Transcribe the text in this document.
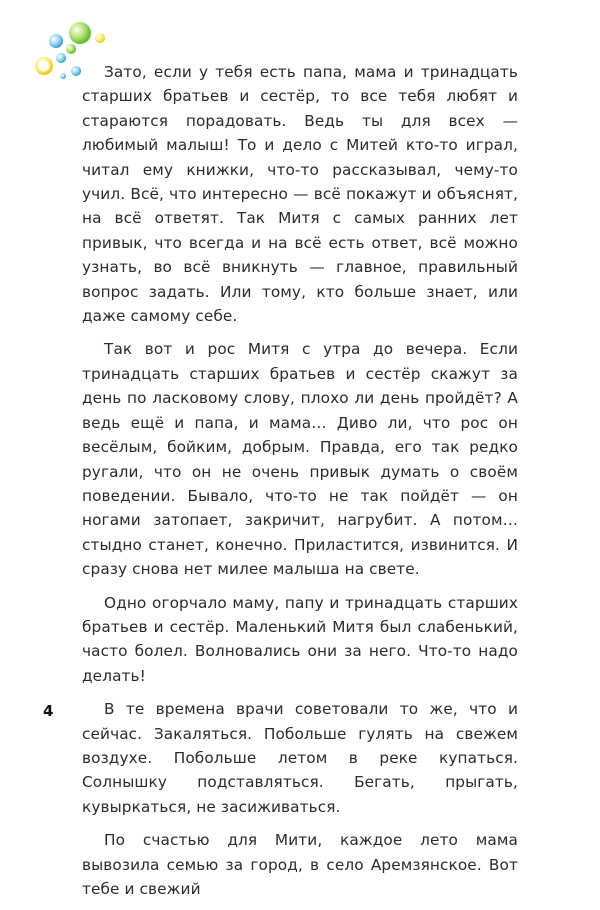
Зато, если у тебя есть папа, мама и тринадцать старших братьев и сестёр, то все тебя любят и стараются порадовать. Ведь ты для всех — любимый малыш! То и дело с Митей кто-то играл, читал ему книжки, что-то рассказывал, чему-то учил. Всё, что интересно — всё покажут и объяснят, на всё ответят. Так Митя с самых ранних лет привык, что всегда и на всё есть ответ, всё можно узнать, во всё вникнуть — главное, правильный вопрос задать. Или тому, кто больше знает, или даже самому себе.

Так вот и рос Митя с утра до вечера. Если тринадцать старших братьев и сестёр скажут за день по ласковому слову, плохо ли день пройдёт? А ведь ещё и папа, и мама… Диво ли, что рос он весёлым, бойким, добрым. Правда, его так редко ругали, что он не очень привык думать о своём поведении. Бывало, что-то не так пойдёт — он ногами затопает, закричит, нагрубит. А потом… стыдно станет, конечно. Приластится, извинится. И сразу снова нет милее малыша на свете.

Одно огорчало маму, папу и тринадцать старших братьев и сестёр. Маленький Митя был слабенький, часто болел. Волновались они за него. Что-то надо делать!

В те времена врачи советовали то же, что и сейчас. Закаляться. Побольше гулять на свежем воздухе. Побольше летом в реке купаться. Солнышку подставляться. Бегать, прыгать, кувыркаться, не засиживаться.

По счастью для Мити, каждое лето мама вывозила семью за город, в село Аремзянское. Вот тебе и свежий

4
